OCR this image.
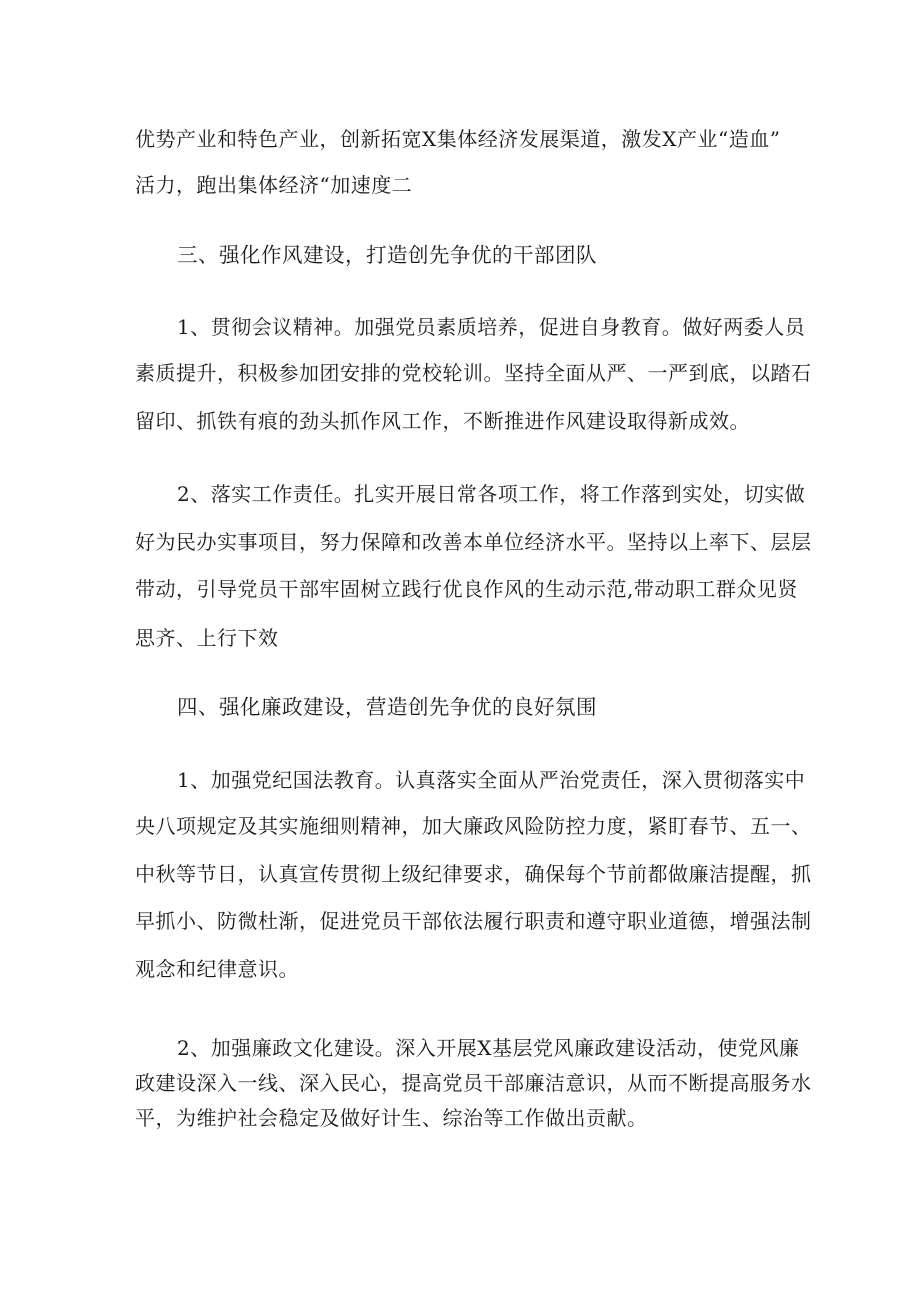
优势产业和特色产业，创新拓宽X集体经济发展渠道，激发X产业“造血”
活力，跑出集体经济“加速度二
三、强化作风建设，打造创先争优的干部团队
1、贯彻会议精神。加强党员素质培养，促进自身教育。做好两委人员
素质提升，积极参加团安排的党校轮训。坚持全面从严、一严到底，以踏石
留印、抓铁有痕的劲头抓作风工作，不断推进作风建设取得新成效。
2、落实工作责任。扎实开展日常各项工作，将工作落到实处，切实做
好为民办实事项目，努力保障和改善本单位经济水平。坚持以上率下、层层
带动，引导党员干部牢固树立践行优良作风的生动示范,带动职工群众见贤
思齐、上行下效
四、强化廉政建设，营造创先争优的良好氛围
1、加强党纪国法教育。认真落实全面从严治党责任，深入贯彻落实中
央八项规定及其实施细则精神，加大廉政风险防控力度，紧盯春节、五一、
中秋等节日，认真宣传贯彻上级纪律要求，确保每个节前都做廉洁提醒，抓
早抓小、防微杜渐，促进党员干部依法履行职责和遵守职业道德，增强法制
观念和纪律意识。
2、加强廉政文化建设。深入开展X基层党风廉政建设活动，使党风廉
政建设深入一线、深入民心，提高党员干部廉洁意识，从而不断提高服务水
平，为维护社会稳定及做好计生、综治等工作做出贡献。
